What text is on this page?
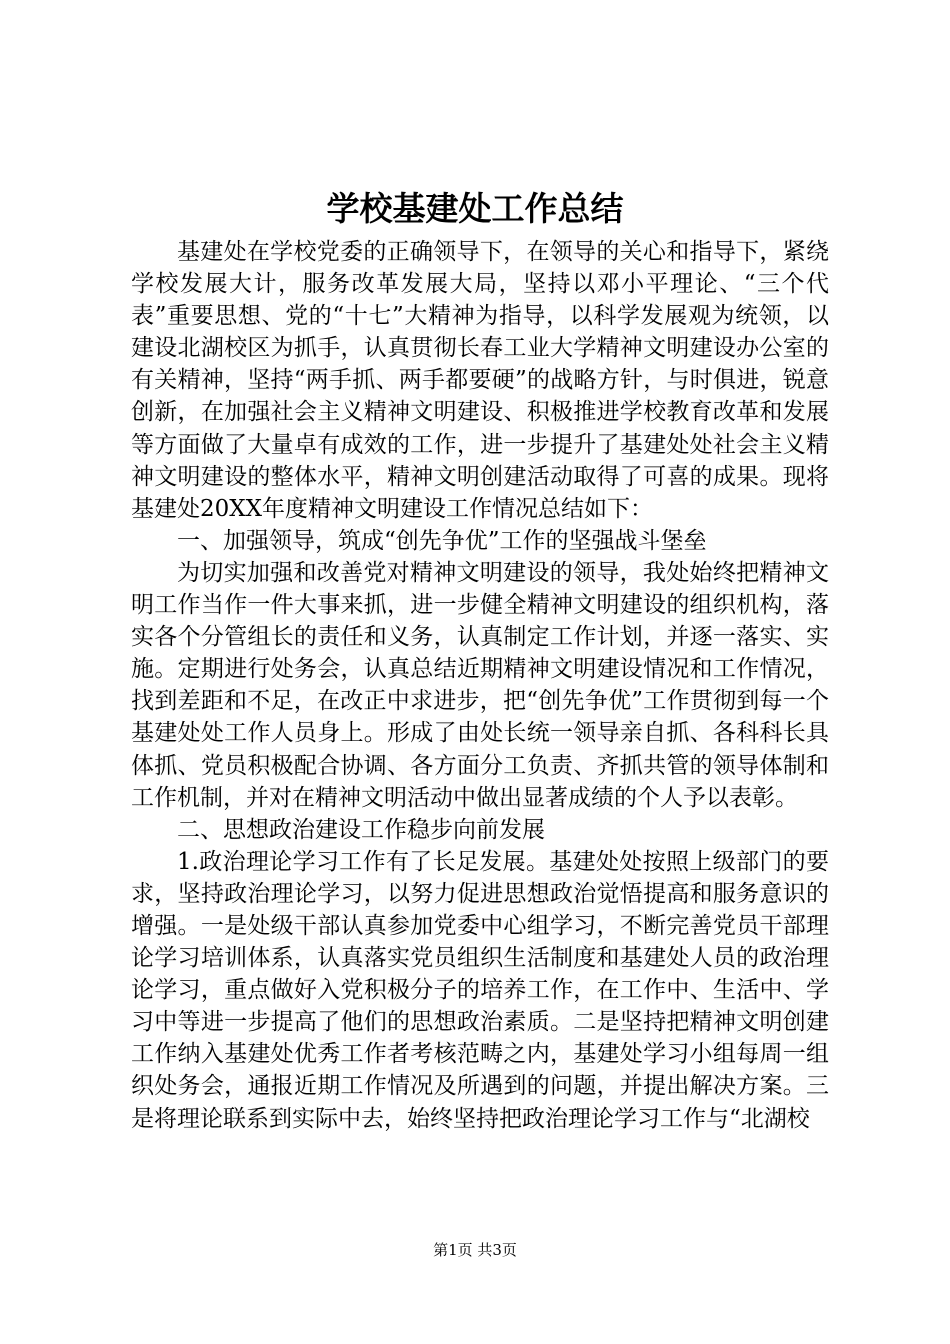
学校基建处工作总结

基建处在学校党委的正确领导下，在领导的关心和指导下，紧绕学校发展大计，服务改革发展大局，坚持以邓小平理论、“三个代表”重要思想、党的“十七”大精神为指导，以科学发展观为统领，以建设北湖校区为抓手，认真贯彻长春工业大学精神文明建设办公室的有关精神，坚持“两手抓、两手都要硬”的战略方针，与时俱进，锐意创新，在加强社会主义精神文明建设、积极推进学校教育改革和发展等方面做了大量卓有成效的工作，进一步提升了基建处处社会主义精神文明建设的整体水平，精神文明创建活动取得了可喜的成果。现将基建处20XX年度精神文明建设工作情况总结如下：

一、加强领导，筑成“创先争优”工作的坚强战斗堡垒

为切实加强和改善党对精神文明建设的领导，我处始终把精神文明工作当作一件大事来抓，进一步健全精神文明建设的组织机构，落实各个分管组长的责任和义务，认真制定工作计划，并逐一落实、实施。定期进行处务会，认真总结近期精神文明建设情况和工作情况，找到差距和不足，在改正中求进步，把“创先争优”工作贯彻到每一个基建处处工作人员身上。形成了由处长统一领导亲自抓、各科科长具体抓、党员积极配合协调、各方面分工负责、齐抓共管的领导体制和工作机制，并对在精神文明活动中做出显著成绩的个人予以表彰。

二、思想政治建设工作稳步向前发展

1.政治理论学习工作有了长足发展。基建处处按照上级部门的要求，坚持政治理论学习，以努力促进思想政治觉悟提高和服务意识的增强。一是处级干部认真参加党委中心组学习，不断完善党员干部理论学习培训体系，认真落实党员组织生活制度和基建处人员的政治理论学习，重点做好入党积极分子的培养工作，在工作中、生活中、学习中等进一步提高了他们的思想政治素质。二是坚持把精神文明创建工作纳入基建处优秀工作者考核范畴之内，基建处学习小组每周一组织处务会，通报近期工作情况及所遇到的问题，并提出解决方案。三是将理论联系到实际中去，始终坚持把政治理论学习工作与“北湖校

第1页 共3页
